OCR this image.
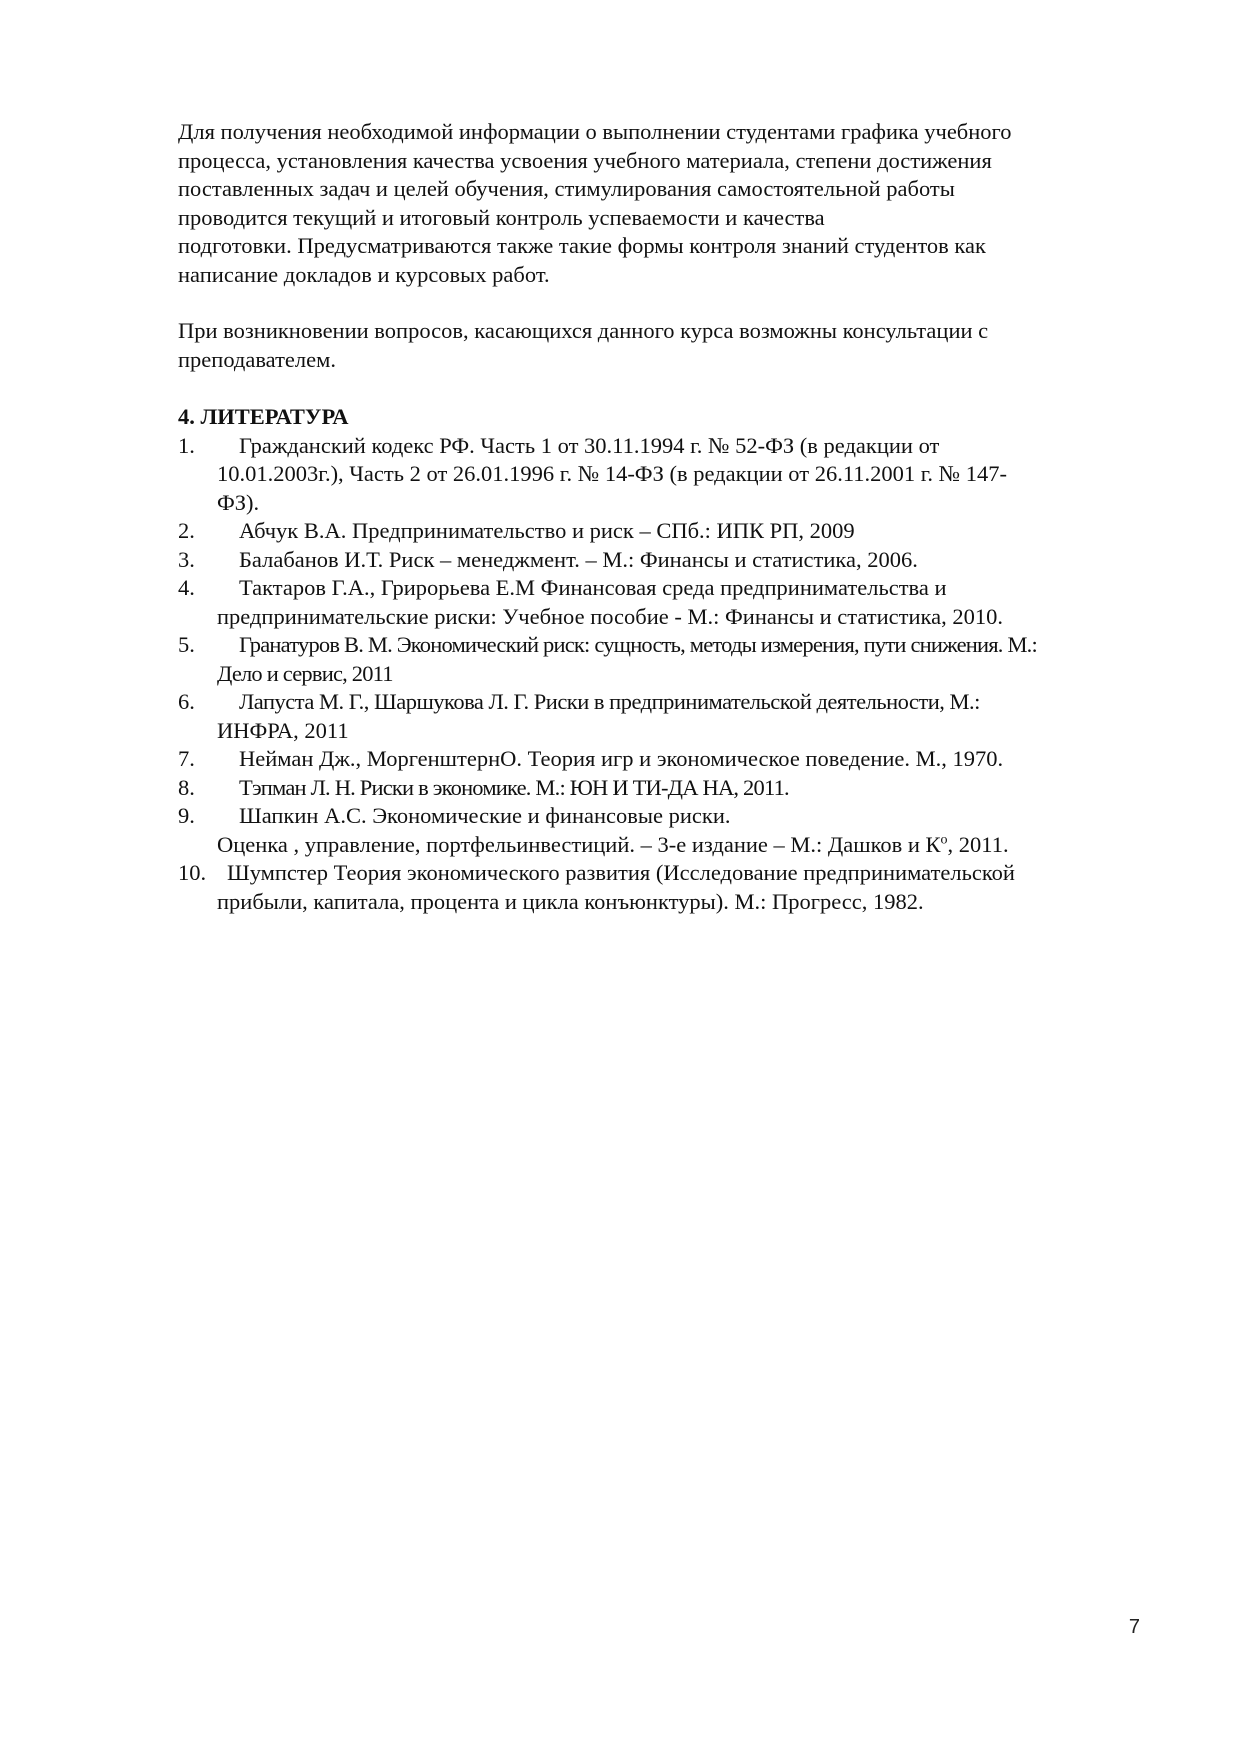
Для получения необходимой информации о выполнении студентами графика учебного
процесса, установления качества усвоения учебного материала, степени достижения
поставленных задач и целей обучения, стимулирования самостоятельной работы
проводится текущий и итоговый контроль успеваемости и качества
подготовки. Предусматриваются также такие формы контроля знаний студентов как
написание докладов и курсовых работ.
При возникновении вопросов, касающихся данного курса возможны консультации с
преподавателем.

4. ЛИТЕРАТУРА

1.	Гражданский кодекс РФ. Часть 1 от 30.11.1994 г. № 52-ФЗ (в редакции от
10.01.2003г.), Часть 2 от 26.01.1996 г. № 14-ФЗ (в редакции от 26.11.2001 г. № 147-
ФЗ).
2.	Абчук В.А. Предпринимательство и риск – СПб.: ИПК РП, 2009
3.	Балабанов И.Т. Риск – менеджмент. – М.: Финансы и статистика, 2006.
4.	Тактаров Г.А., Грирорьева Е.М Финансовая среда предпринимательства и
предпринимательские риски: Учебное пособие - М.: Финансы и статистика, 2010.
5.	Гранатуров В. М. Экономический риск: сущность, методы измерения, пути снижения. М.:
Дело и сервис, 2011
6.	Лапуста М. Г., Шаршукова Л. Г. Риски в предпринимательской деятельности, М.:
ИНФРА, 2011
7.	Нейман Дж., МоргенштернО. Теория игр и экономическое поведение. М., 1970.
8.	Тэпман Л. Н. Риски в экономике. М.: ЮН И ТИ-ДА НА, 2011.
9.	Шапкин А.С. Экономические и финансовые риски.
Оценка , управление, портфельинвестиций. – 3-е издание – М.: Дашков и $К^о$, 2011.
10. Шумпстер Теория экономического развития (Исследование предпринимательской
прибыли, капитала, процента и цикла конъюнктуры). М.: Прогресс, 1982.
7
